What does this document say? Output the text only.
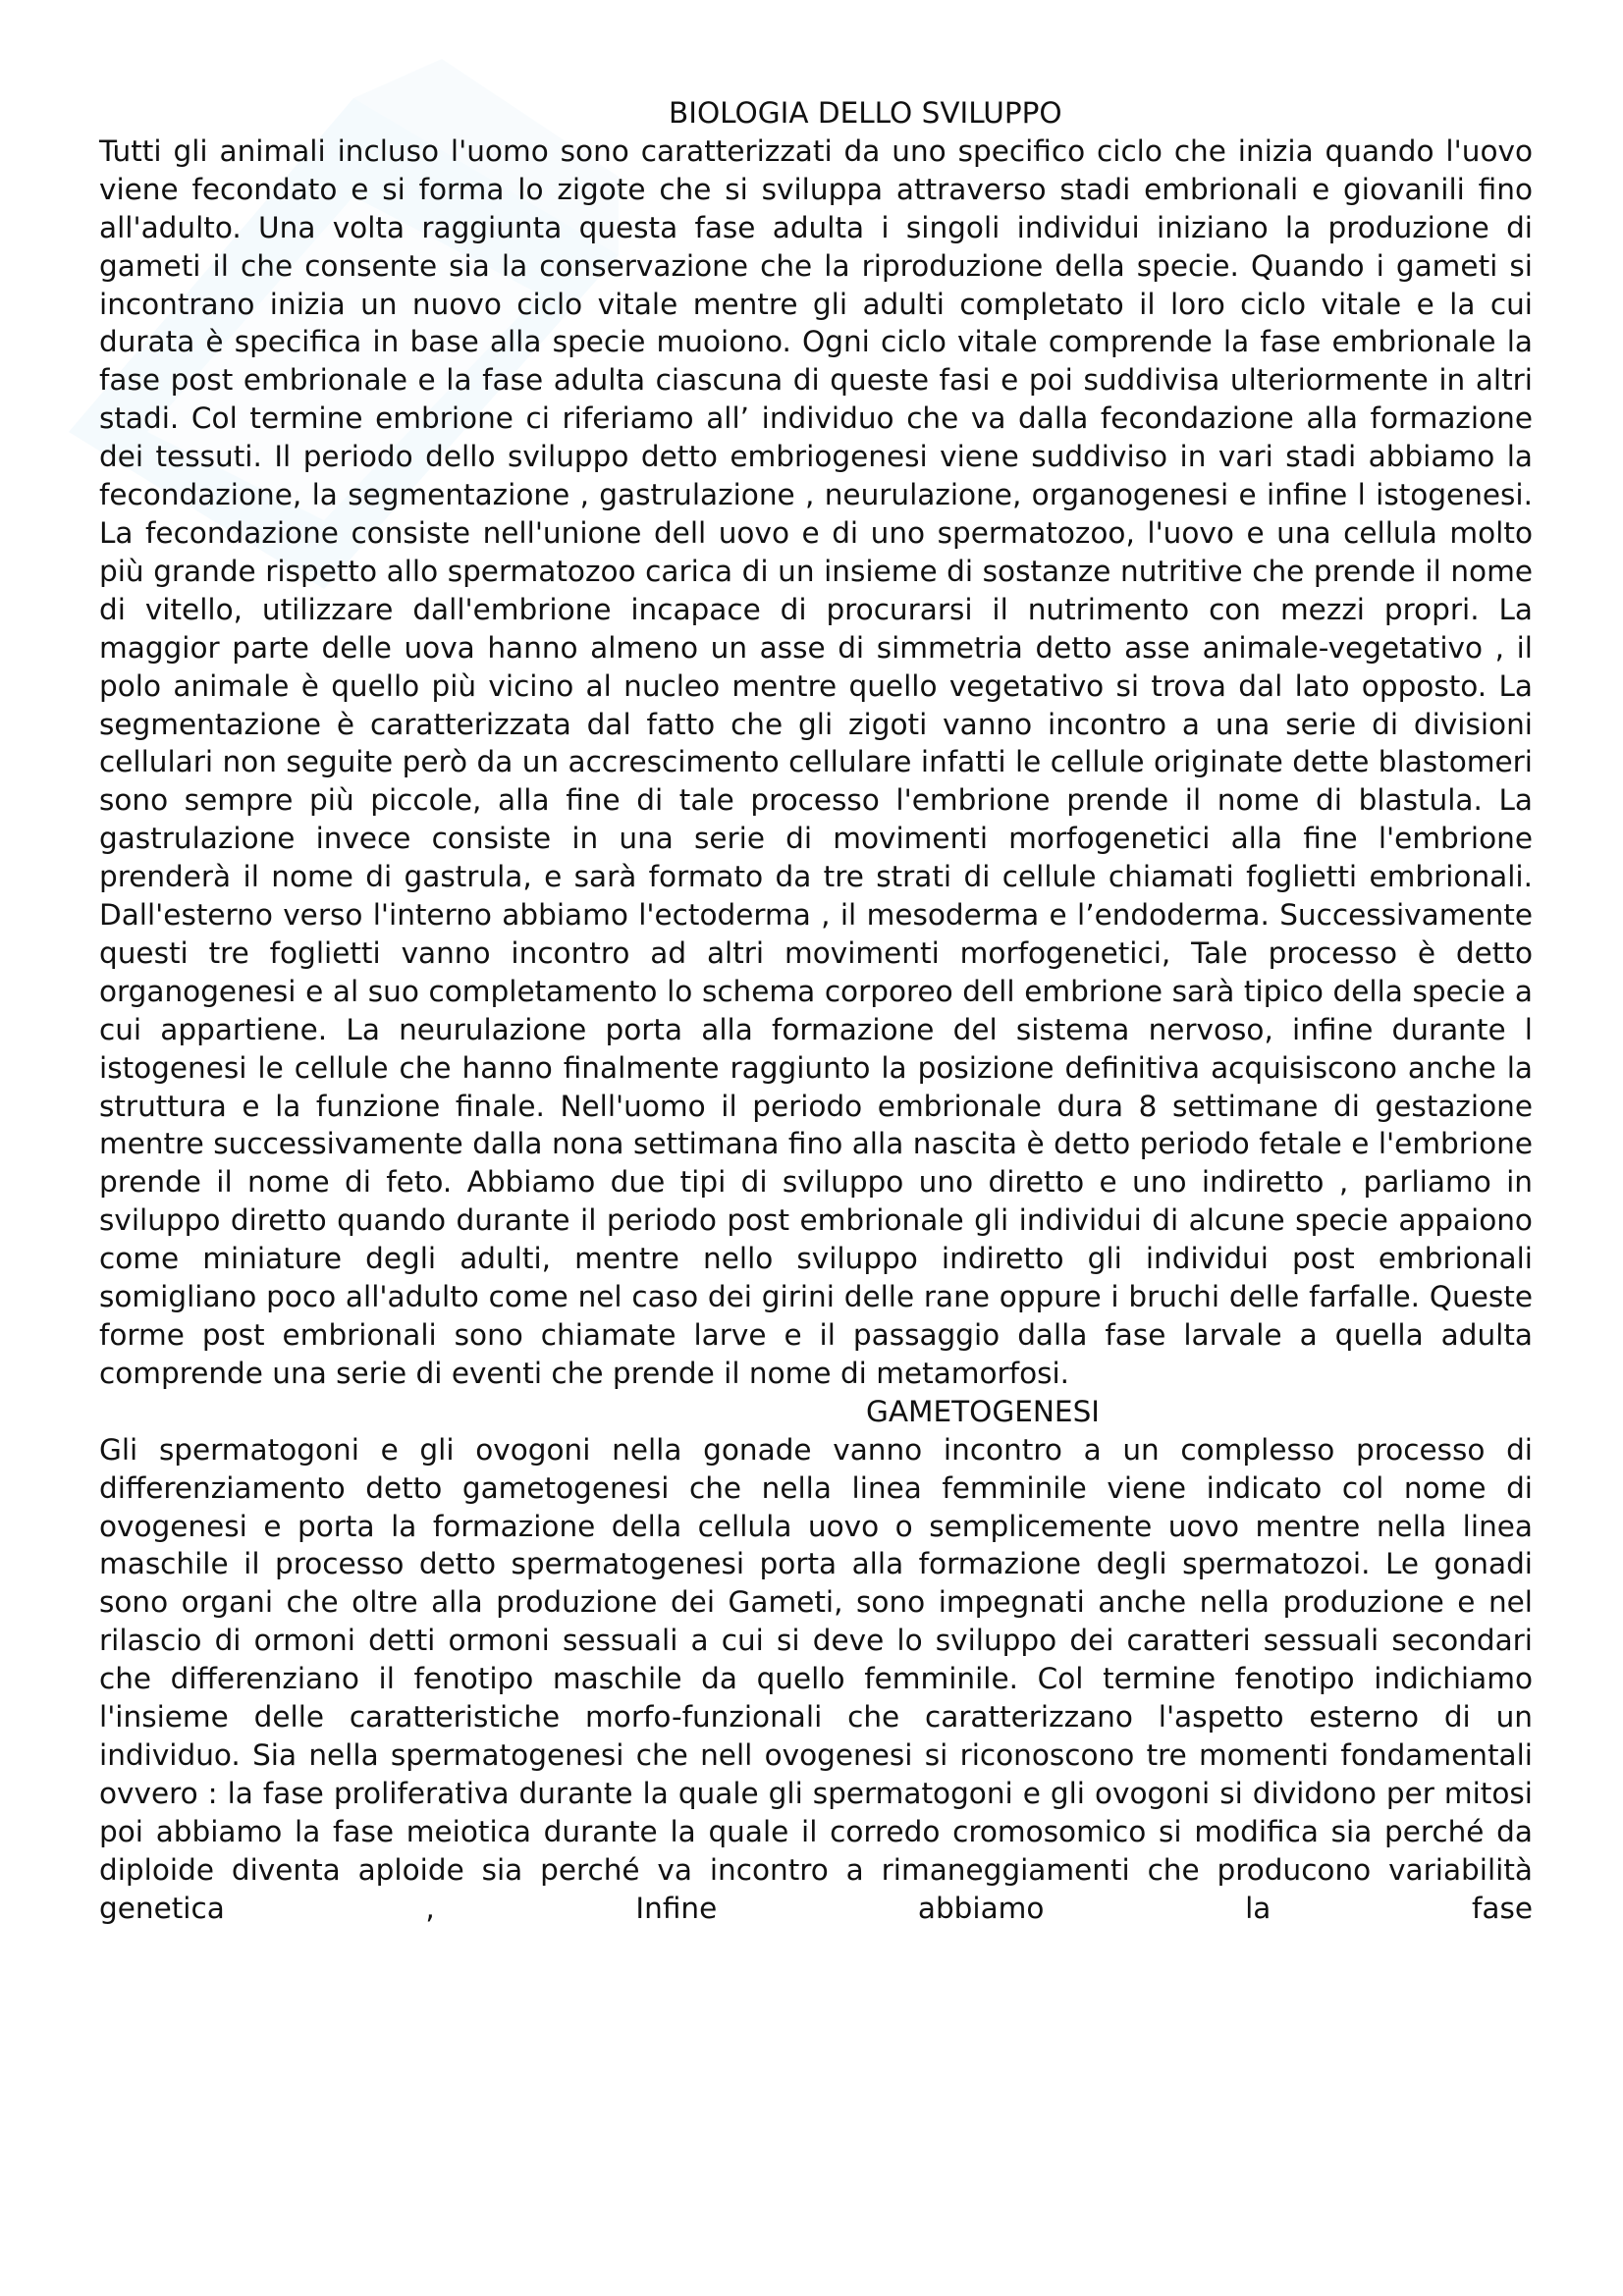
BIOLOGIA DELLO SVILUPPO

Tutti gli animali incluso l'uomo sono caratterizzati da uno specifico ciclo che inizia quando l'uovo viene fecondato e si forma lo zigote che si sviluppa attraverso stadi embrionali e giovanili fino all'adulto. Una volta raggiunta questa fase adulta i singoli individui iniziano la produzione di gameti il che consente sia la conservazione che la riproduzione della specie. Quando i gameti si incontrano inizia un nuovo ciclo vitale mentre gli adulti completato il loro ciclo vitale e la cui durata è specifica in base alla specie muoiono. Ogni ciclo vitale comprende la fase embrionale la fase post embrionale e la fase adulta ciascuna di queste fasi e poi suddivisa ulteriormente in altri stadi. Col termine embrione ci riferiamo all’ individuo che va dalla fecondazione alla formazione dei tessuti. Il periodo dello sviluppo detto embriogenesi viene suddiviso in vari stadi abbiamo la fecondazione, la segmentazione , gastrulazione , neurulazione, organogenesi e infine l istogenesi. La fecondazione consiste nell'unione dell uovo e di uno spermatozoo, l'uovo e una cellula molto più grande rispetto allo spermatozoo carica di un insieme di sostanze nutritive che prende il nome di vitello, utilizzare dall'embrione incapace di procurarsi il nutrimento con mezzi propri. La maggior parte delle uova hanno almeno un asse di simmetria detto asse animale-vegetativo , il polo animale è quello più vicino al nucleo mentre quello vegetativo si trova dal lato opposto. La segmentazione è caratterizzata dal fatto che gli zigoti vanno incontro a una serie di divisioni cellulari non seguite però da un accrescimento cellulare infatti le cellule originate dette blastomeri sono sempre più piccole, alla fine di tale processo l'embrione prende il nome di blastula. La gastrulazione invece consiste in una serie di movimenti morfogenetici alla fine l'embrione prenderà il nome di gastrula, e sarà formato da tre strati di cellule chiamati foglietti embrionali. Dall'esterno verso l'interno abbiamo l'ectoderma , il mesoderma e l’endoderma. Successivamente questi tre foglietti vanno incontro ad altri movimenti morfogenetici, Tale processo è detto organogenesi e al suo completamento lo schema corporeo dell embrione sarà tipico della specie a cui appartiene. La neurulazione porta alla formazione del sistema nervoso, infine durante l istogenesi le cellule che hanno finalmente raggiunto la posizione definitiva acquisiscono anche la struttura e la funzione finale. Nell'uomo il periodo embrionale dura 8 settimane di gestazione mentre successivamente dalla nona settimana fino alla nascita è detto periodo fetale e l'embrione prende il nome di feto. Abbiamo due tipi di sviluppo uno diretto e uno indiretto , parliamo in sviluppo diretto quando durante il periodo post embrionale gli individui di alcune specie appaiono come miniature degli adulti, mentre nello sviluppo indiretto gli individui post embrionali somigliano poco all'adulto come nel caso dei girini delle rane oppure i bruchi delle farfalle. Queste forme post embrionali sono chiamate larve e il passaggio dalla fase larvale a quella adulta comprende una serie di eventi che prende il nome di metamorfosi.

GAMETOGENESI

Gli spermatogoni e gli ovogoni nella gonade vanno incontro a un complesso processo di differenziamento detto gametogenesi che nella linea femminile viene indicato col nome di ovogenesi e porta la formazione della cellula uovo o semplicemente uovo mentre nella linea maschile il processo detto spermatogenesi porta alla formazione degli spermatozoi. Le gonadi sono organi che oltre alla produzione dei Gameti, sono impegnati anche nella produzione e nel rilascio di ormoni detti ormoni sessuali a cui si deve lo sviluppo dei caratteri sessuali secondari che differenziano il fenotipo maschile da quello femminile. Col termine fenotipo indichiamo l'insieme delle caratteristiche morfo-funzionali che caratterizzano l'aspetto esterno di un individuo. Sia nella spermatogenesi che nell ovogenesi si riconoscono tre momenti fondamentali ovvero : la fase proliferativa durante la quale gli spermatogoni e gli ovogoni si dividono per mitosi poi abbiamo la fase meiotica durante la quale il corredo cromosomico si modifica sia perché da diploide diventa aploide sia perché va incontro a rimaneggiamenti che producono variabilità genetica , Infine abbiamo la fase
